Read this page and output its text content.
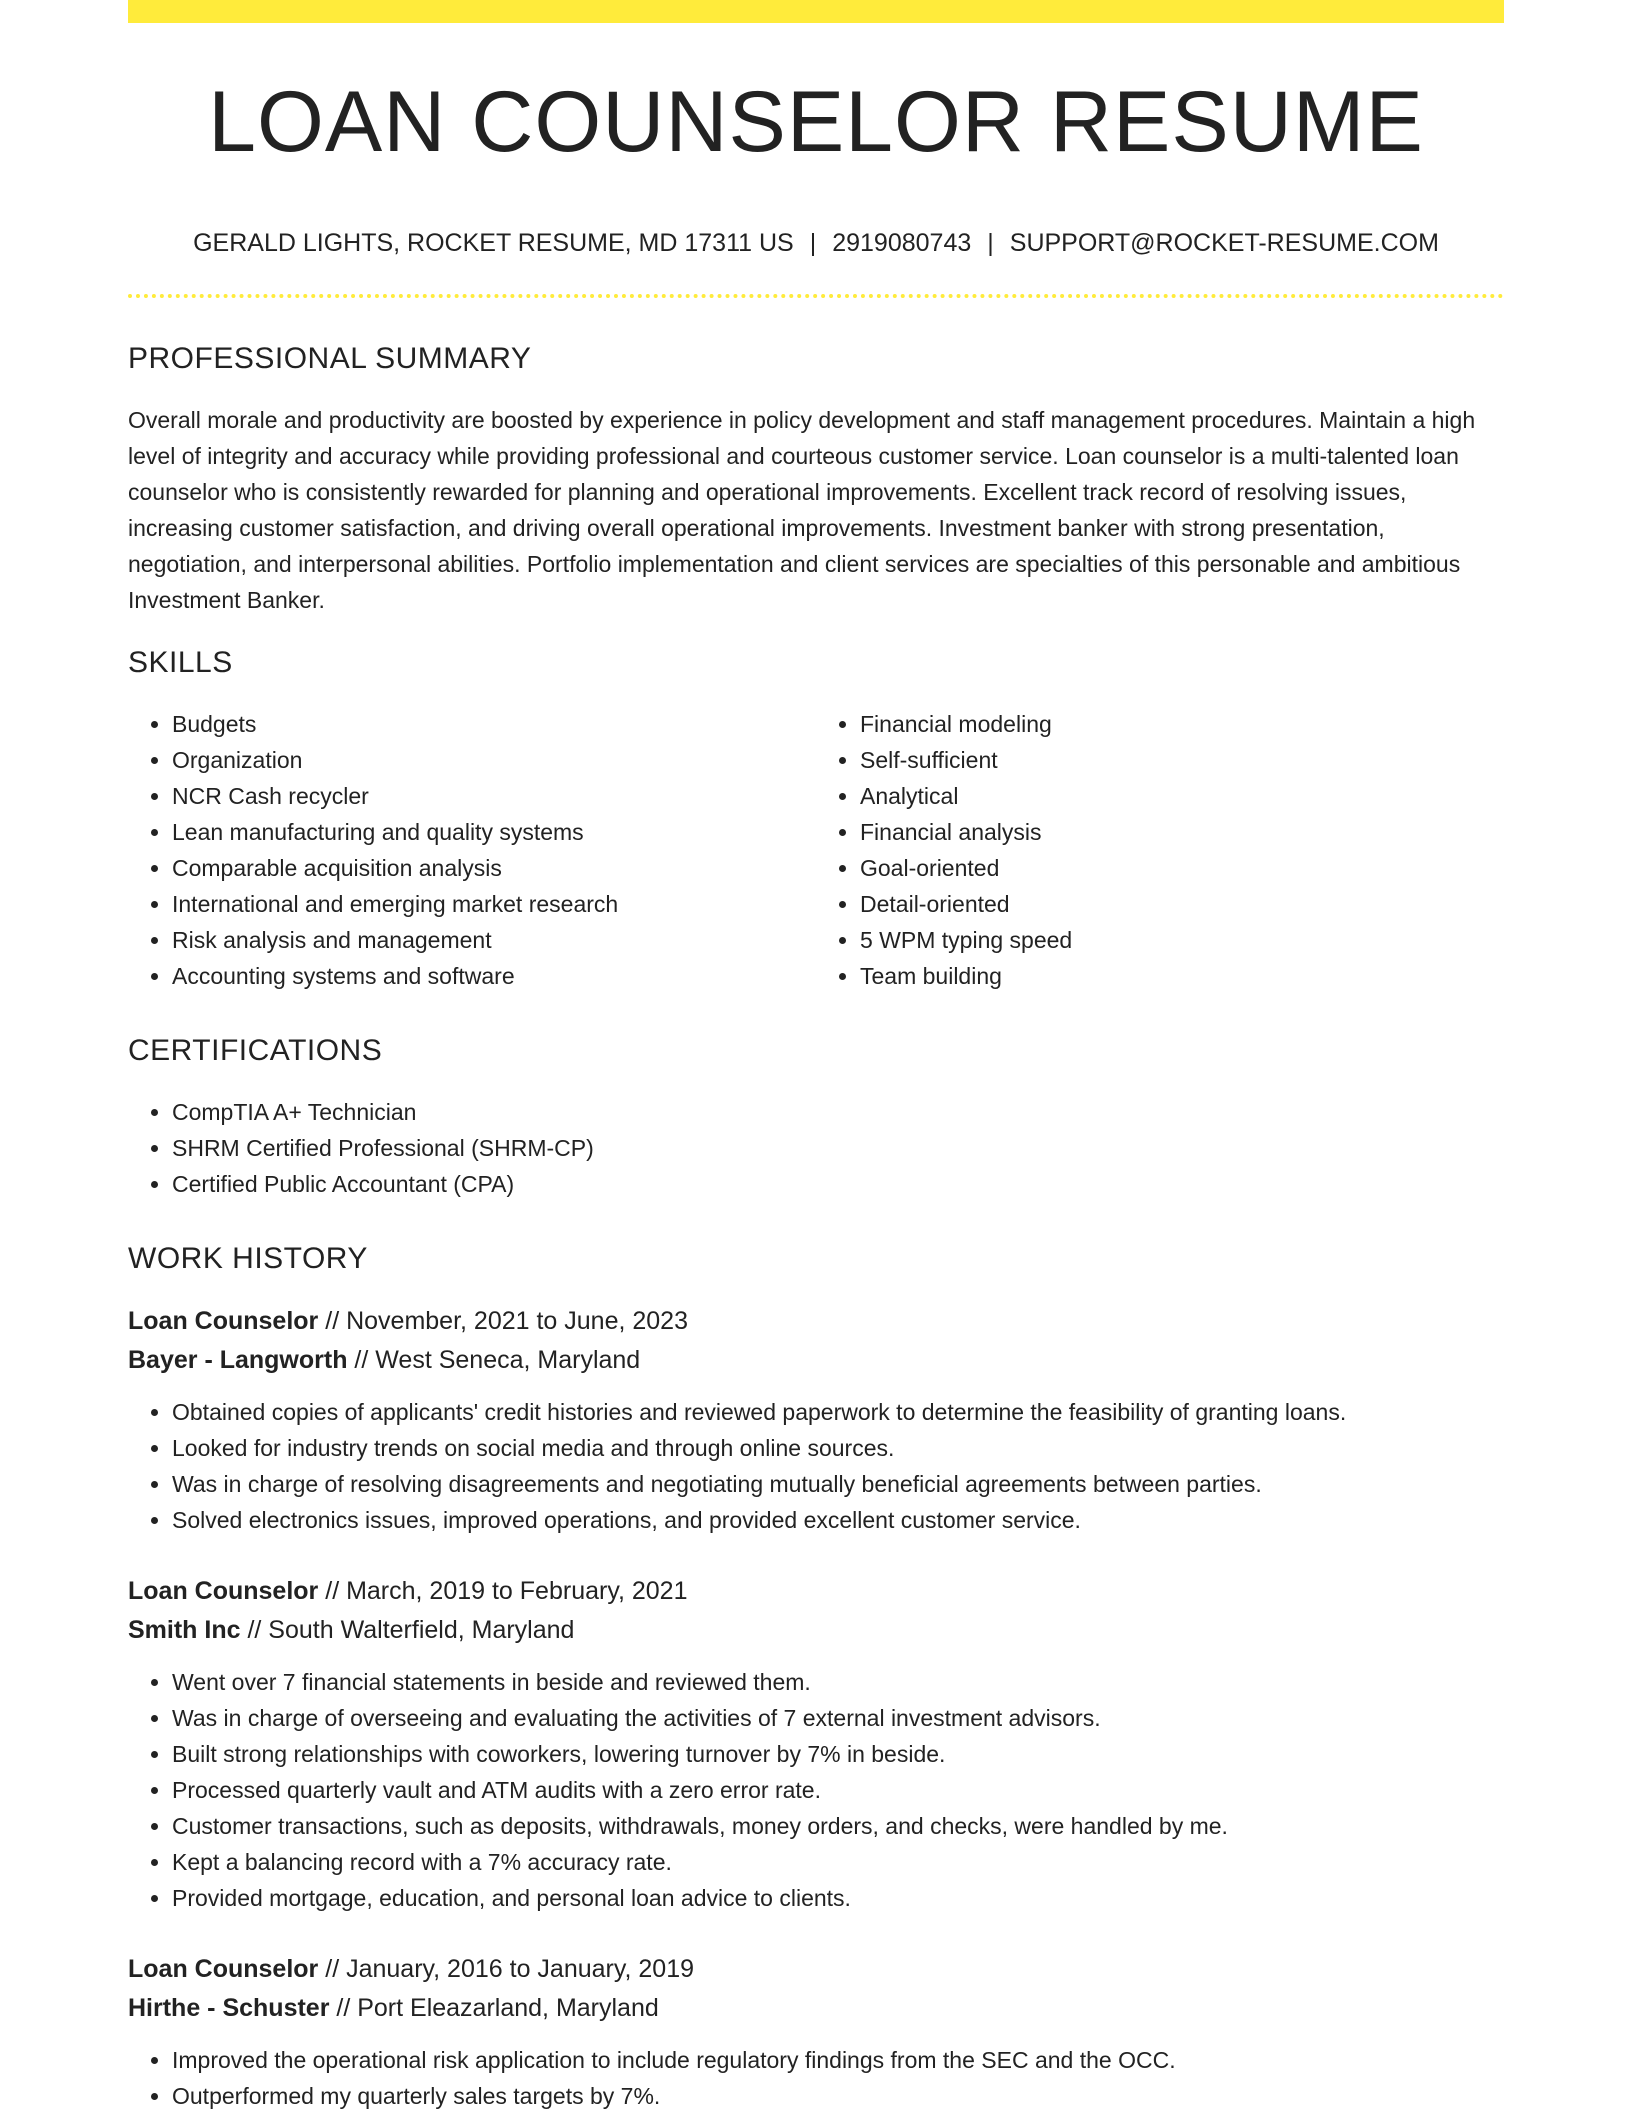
LOAN COUNSELOR RESUME
GERALD LIGHTS, ROCKET RESUME, MD 17311 US | 2919080743 | SUPPORT@ROCKET-RESUME.COM
PROFESSIONAL SUMMARY

Overall morale and productivity are boosted by experience in policy development and staff management procedures. Maintain a high level of integrity and accuracy while providing professional and courteous customer service. Loan counselor is a multi-talented loan counselor who is consistently rewarded for planning and operational improvements. Excellent track record of resolving issues, increasing customer satisfaction, and driving overall operational improvements. Investment banker with strong presentation, negotiation, and interpersonal abilities. Portfolio implementation and client services are specialties of this personable and ambitious Investment Banker.

SKILLS
• Budgets
• Organization
• NCR Cash recycler
• Lean manufacturing and quality systems
• Comparable acquisition analysis
• International and emerging market research
• Risk analysis and management
• Accounting systems and software
• Financial modeling
• Self-sufficient
• Analytical
• Financial analysis
• Goal-oriented
• Detail-oriented
• 5 WPM typing speed
• Team building
CERTIFICATIONS
• CompTIA A+ Technician
• SHRM Certified Professional (SHRM-CP)
• Certified Public Accountant (CPA)
WORK HISTORY
Loan Counselor // November, 2021 to June, 2023
Bayer - Langworth // West Seneca, Maryland
• Obtained copies of applicants' credit histories and reviewed paperwork to determine the feasibility of granting loans.
• Looked for industry trends on social media and through online sources.
• Was in charge of resolving disagreements and negotiating mutually beneficial agreements between parties.
• Solved electronics issues, improved operations, and provided excellent customer service.
Loan Counselor // March, 2019 to February, 2021
Smith Inc // South Walterfield, Maryland
• Went over 7 financial statements in beside and reviewed them.
• Was in charge of overseeing and evaluating the activities of 7 external investment advisors.
• Built strong relationships with coworkers, lowering turnover by 7% in beside.
• Processed quarterly vault and ATM audits with a zero error rate.
• Customer transactions, such as deposits, withdrawals, money orders, and checks, were handled by me.
• Kept a balancing record with a 7% accuracy rate.
• Provided mortgage, education, and personal loan advice to clients.
Loan Counselor // January, 2016 to January, 2019
Hirthe - Schuster // Port Eleazarland, Maryland
• Improved the operational risk application to include regulatory findings from the SEC and the OCC.
• Outperformed my quarterly sales targets by 7%.
